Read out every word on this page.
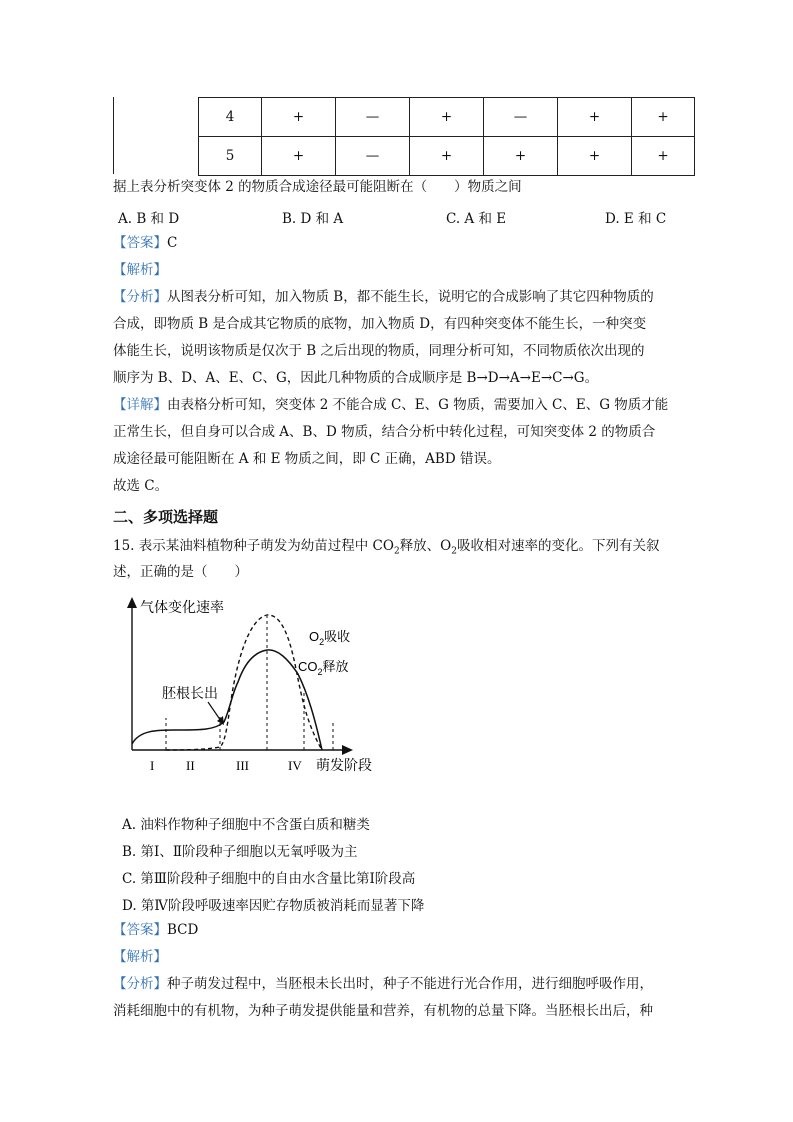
4	+	—	+	—	+	+
5	+	—	+	+	+	+
据上表分析突变体 2 的物质合成途径最可能阻断在（　　）物质之间
A. B 和 D	B. D 和 A	C. A 和 E	D. E 和 C
【答案】C
【解析】
【分析】从图表分析可知，加入物质 B，都不能生长，说明它的合成影响了其它四种物质的
合成，即物质 B 是合成其它物质的底物，加入物质 D，有四种突变体不能生长，一种突变
体能生长，说明该物质是仅次于 B 之后出现的物质，同理分析可知，不同物质依次出现的
顺序为 B、D、A、E、C、G，因此几种物质的合成顺序是 B→D→A→E→C→G。
【详解】由表格分析可知，突变体 2 不能合成 C、E、G 物质，需要加入 C、E、G 物质才能
正常生长，但自身可以合成 A、B、D 物质，结合分析中转化过程，可知突变体 2 的物质合
成途径最可能阻断在 A 和 E 物质之间，即 C 正确，ABD 错误。
故选 C。
二、多项选择题
15. 表示某油料植物种子萌发为幼苗过程中 $CO_2$释放、$O_2$吸收相对速率的变化。下列有关叙
述，正确的是（　　）
气体变化速率
$O_2$吸收
$CO_2$释放
胚根长出
I II	III	IV 萌发阶段
A. 油料作物种子细胞中不含蛋白质和糖类
B. 第Ⅰ、Ⅱ阶段种子细胞以无氧呼吸为主
C. 第Ⅲ阶段种子细胞中的自由水含量比第Ⅰ阶段高
D. 第Ⅳ阶段呼吸速率因贮存物质被消耗而显著下降
【答案】BCD
【解析】
【分析】种子萌发过程中，当胚根未长出时，种子不能进行光合作用，进行细胞呼吸作用，
消耗细胞中的有机物，为种子萌发提供能量和营养，有机物的总量下降。当胚根长出后，种
